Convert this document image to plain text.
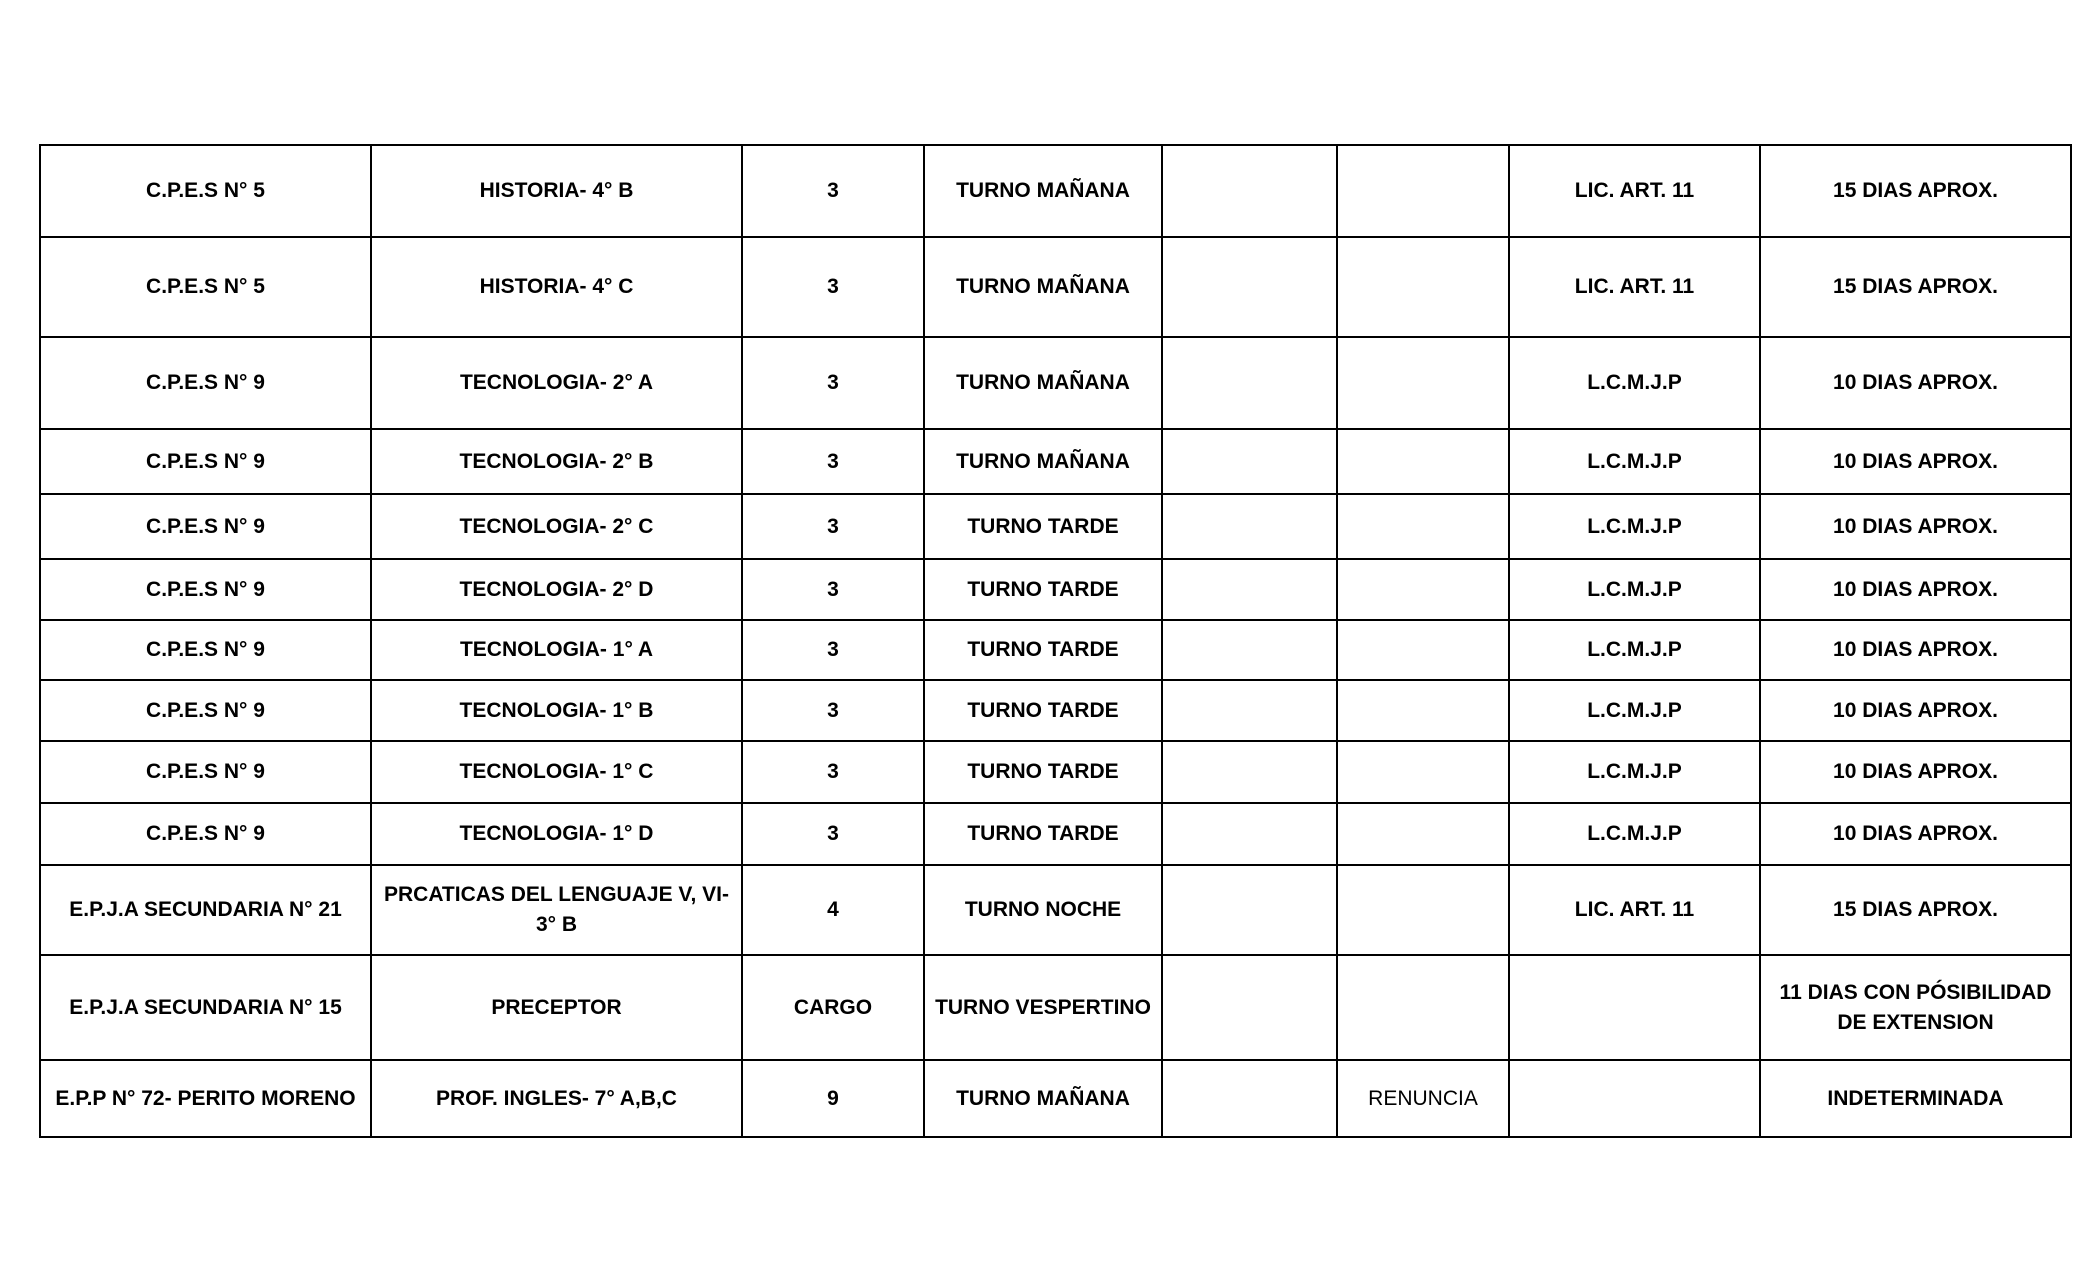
C.P.E.S N° 5	HISTORIA- 4° B	3	TURNO MAÑANA			LIC. ART. 11	15 DIAS APROX.
C.P.E.S N° 5	HISTORIA- 4° C	3	TURNO MAÑANA			LIC. ART. 11	15 DIAS APROX.
C.P.E.S N° 9	TECNOLOGIA- 2° A	3	TURNO MAÑANA			L.C.M.J.P	10 DIAS APROX.
C.P.E.S N° 9	TECNOLOGIA- 2° B	3	TURNO MAÑANA			L.C.M.J.P	10 DIAS APROX.
C.P.E.S N° 9	TECNOLOGIA- 2° C	3	TURNO TARDE			L.C.M.J.P	10 DIAS APROX.
C.P.E.S N° 9	TECNOLOGIA- 2° D	3	TURNO TARDE			L.C.M.J.P	10 DIAS APROX.
C.P.E.S N° 9	TECNOLOGIA- 1° A	3	TURNO TARDE			L.C.M.J.P	10 DIAS APROX.
C.P.E.S N° 9	TECNOLOGIA- 1° B	3	TURNO TARDE			L.C.M.J.P	10 DIAS APROX.
C.P.E.S N° 9	TECNOLOGIA- 1° C	3	TURNO TARDE			L.C.M.J.P	10 DIAS APROX.
C.P.E.S N° 9	TECNOLOGIA- 1° D	3	TURNO TARDE			L.C.M.J.P	10 DIAS APROX.
E.P.J.A SECUNDARIA N° 21	PRCATICAS DEL LENGUAJE V, VI- 3° B	4	TURNO NOCHE			LIC. ART. 11	15 DIAS APROX.
E.P.J.A SECUNDARIA N° 15	PRECEPTOR	CARGO	TURNO VESPERTINO				11 DIAS CON PÓSIBILIDAD DE EXTENSION
E.P.P N° 72- PERITO MORENO	PROF. INGLES- 7° A,B,C	9	TURNO MAÑANA		RENUNCIA		INDETERMINADA
